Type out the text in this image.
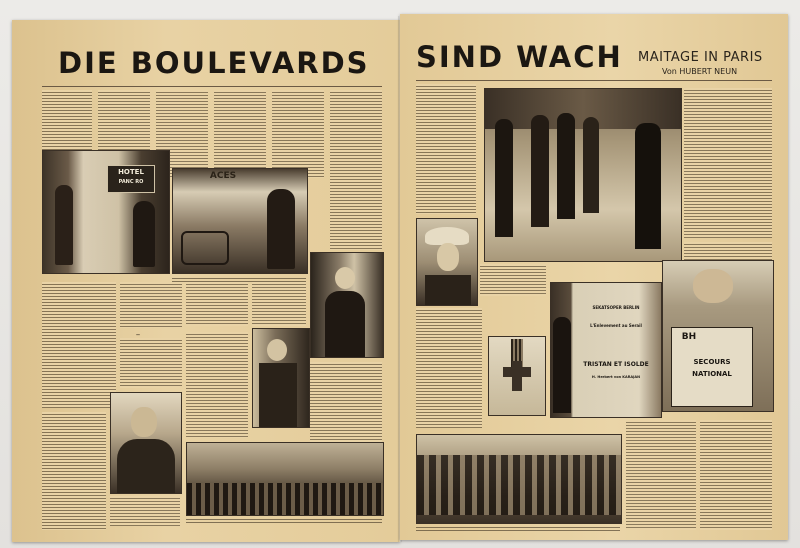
DIE BOULEVARDS
HOTEL
PANC RO
ACES
—
SIND WACH MAITAGE IN PARIS
Von HUBERT NEUN
SEKATSOPER BERLIN
L'Enlevement au Serail
TRISTAN ET ISOLDE
H. Herbert von KARAJAN
BH
SECOURS
NATIONAL
